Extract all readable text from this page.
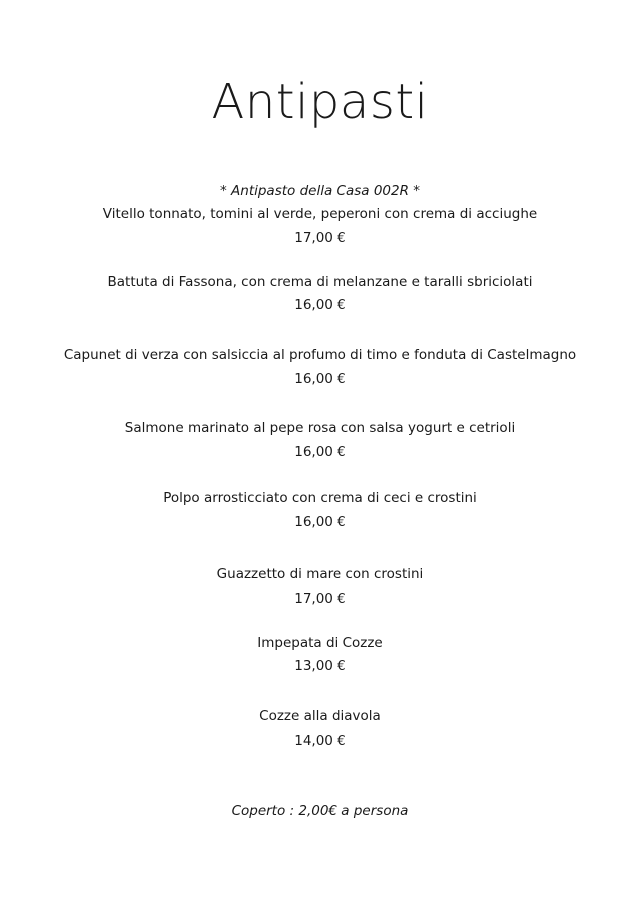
Antipasti
* Antipasto della Casa 002R *
Vitello tonnato, tomini al verde, peperoni con crema di acciughe
17,00 €
Battuta di Fassona, con crema di melanzane e taralli sbriciolati
16,00 €
Capunet di verza con salsiccia al profumo di timo e fonduta di Castelmagno
16,00 €
Salmone marinato al pepe rosa con salsa yogurt e cetrioli
16,00 €
Polpo arrosticciato con crema di ceci e crostini
16,00 €
Guazzetto di mare con crostini
17,00 €
Impepata di Cozze
13,00 €
Cozze alla diavola
14,00 €
Coperto : 2,00€ a persona
